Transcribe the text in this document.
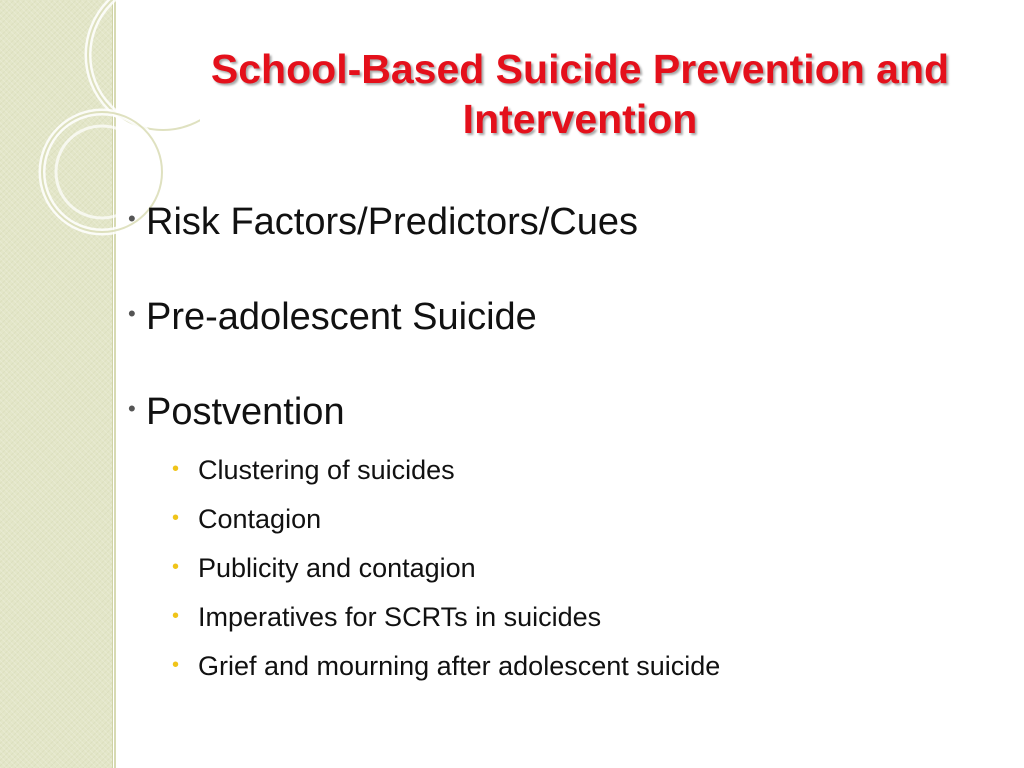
School-Based Suicide Prevention and Intervention
• Risk Factors/Predictors/Cues
• Pre-adolescent Suicide
• Postvention
• Clustering of suicides
• Contagion
• Publicity and contagion
• Imperatives for SCRTs in suicides
• Grief and mourning after adolescent suicide
